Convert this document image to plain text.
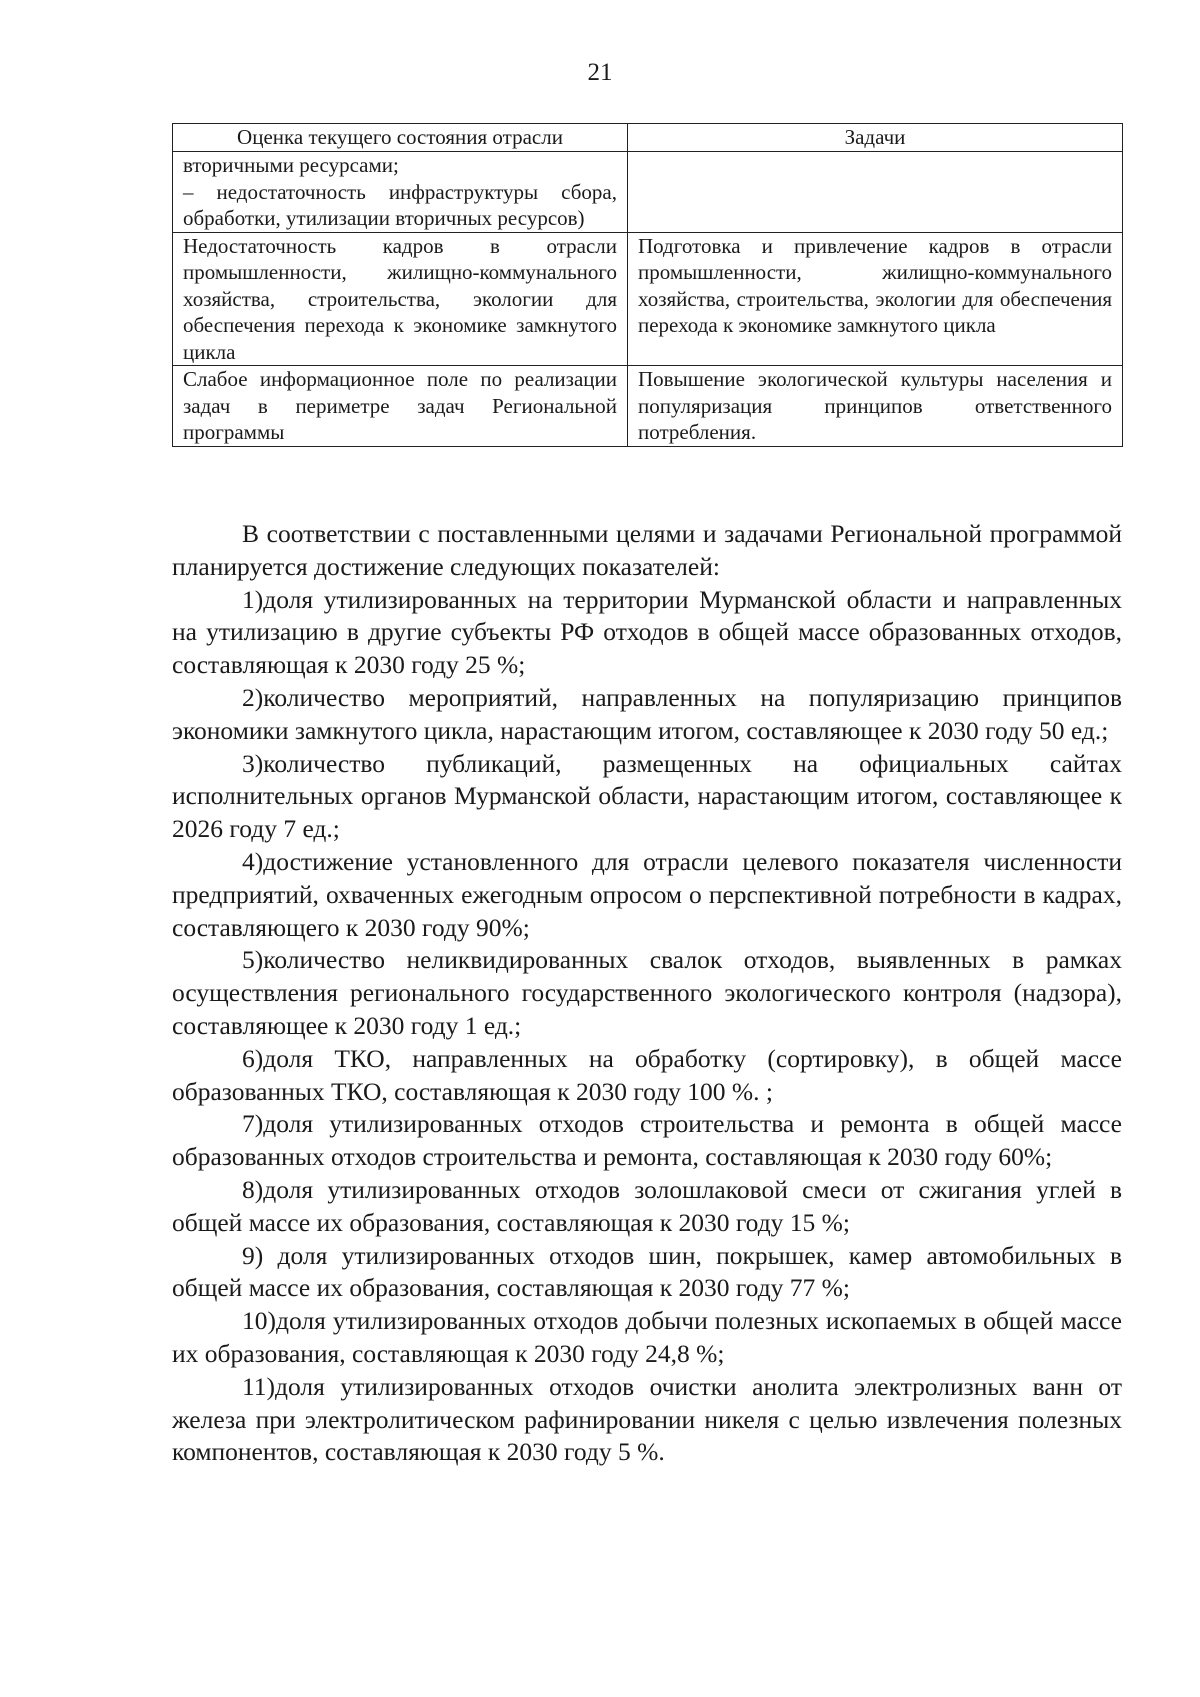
21
Оценка текущего состояния отрасли	Задачи

вторичными ресурсами;

– недостаточность инфраструктуры сбора, обработки, утилизации вторичных ресурсов)	

Недостаточность кадров в отрасли промышленности, жилищно-коммунального хозяйства, строительства, экологии для обеспечения перехода к экономике замкнутого цикла	Подготовка и привлечение кадров в отрасли промышленности, жилищно-коммунального хозяйства, строительства, экологии для обеспечения перехода к экономике замкнутого цикла
Слабое информационное поле по реализации задач в периметре задач Региональной программы	Повышение экологической культуры населения и популяризация принципов ответственного потребления.

В соответствии с поставленными целями и задачами Региональной программой планируется достижение следующих показателей:

1)доля утилизированных на территории Мурманской области и направленных на утилизацию в другие субъекты РФ отходов в общей массе образованных отходов, составляющая к 2030 году 25 %;

2)количество мероприятий, направленных на популяризацию принципов экономики замкнутого цикла, нарастающим итогом, составляющее к 2030 году 50 ед.;

3)количество публикаций, размещенных на официальных сайтах исполнительных органов Мурманской области, нарастающим итогом, составляющее к 2026 году 7 ед.;

4)достижение установленного для отрасли целевого показателя численности предприятий, охваченных ежегодным опросом о перспективной потребности в кадрах, составляющего к 2030 году 90%;

5)количество неликвидированных свалок отходов, выявленных в рамках осуществления регионального государственного экологического контроля (надзора), составляющее к 2030 году 1 ед.;

6)доля ТКО, направленных на обработку (сортировку), в общей массе образованных ТКО, составляющая к 2030 году 100 %. ;

7)доля утилизированных отходов строительства и ремонта в общей массе образованных отходов строительства и ремонта, составляющая к 2030 году 60%;

8)доля утилизированных отходов золошлаковой смеси от сжигания углей в общей массе их образования, составляющая к 2030 году 15 %;

9) доля утилизированных отходов шин, покрышек, камер автомобильных в общей массе их образования, составляющая к 2030 году 77 %;

10)доля утилизированных отходов добычи полезных ископаемых в общей массе их образования, составляющая к 2030 году 24,8 %;

11)доля утилизированных отходов очистки анолита электролизных ванн от железа при электролитическом рафинировании никеля с целью извлечения полезных компонентов, составляющая к 2030 году 5 %.
